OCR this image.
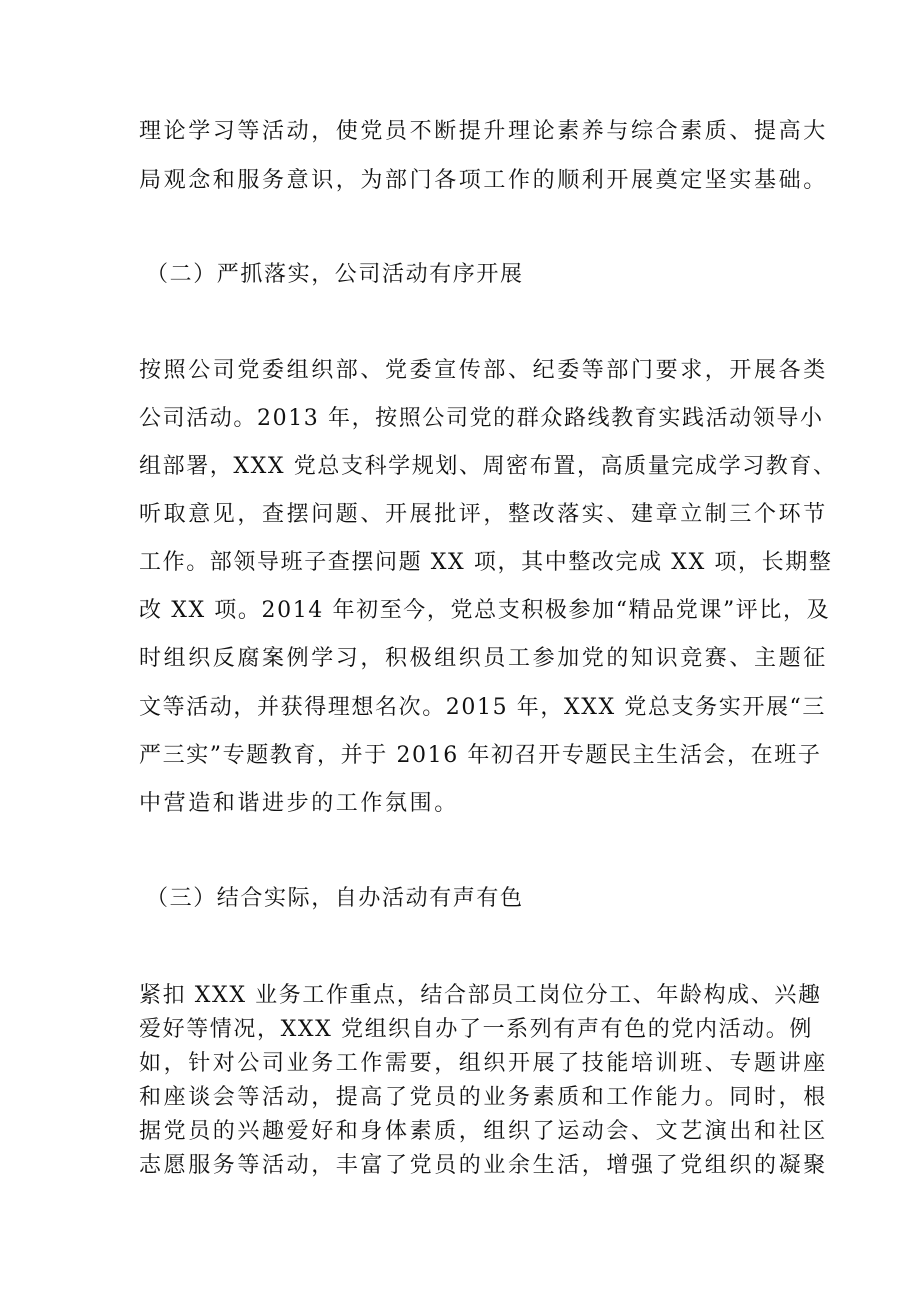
理论学习等活动，使党员不断提升理论素养与综合素质、提高大
局观念和服务意识，为部门各项工作的顺利开展奠定坚实基础。
（二）严抓落实，公司活动有序开展
按照公司党委组织部、党委宣传部、纪委等部门要求，开展各类
公司活动。2013 年，按照公司党的群众路线教育实践活动领导小
组部署，XXX 党总支科学规划、周密布置，高质量完成学习教育、
听取意见，查摆问题、开展批评，整改落实、建章立制三个环节
工作。部领导班子查摆问题 XX 项，其中整改完成 XX 项，长期整
改 XX 项。2014 年初至今，党总支积极参加“精品党课”评比，及
时组织反腐案例学习，积极组织员工参加党的知识竞赛、主题征
文等活动，并获得理想名次。2015 年，XXX 党总支务实开展“三
严三实”专题教育，并于 2016 年初召开专题民主生活会，在班子
中营造和谐进步的工作氛围。
（三）结合实际，自办活动有声有色
紧扣 XXX 业务工作重点，结合部员工岗位分工、年龄构成、兴趣
爱好等情况，XXX 党组织自办了一系列有声有色的党内活动。例
如，针对公司业务工作需要，组织开展了技能培训班、专题讲座
和座谈会等活动，提高了党员的业务素质和工作能力。同时，根
据党员的兴趣爱好和身体素质，组织了运动会、文艺演出和社区
志愿服务等活动，丰富了党员的业余生活，增强了党组织的凝聚
